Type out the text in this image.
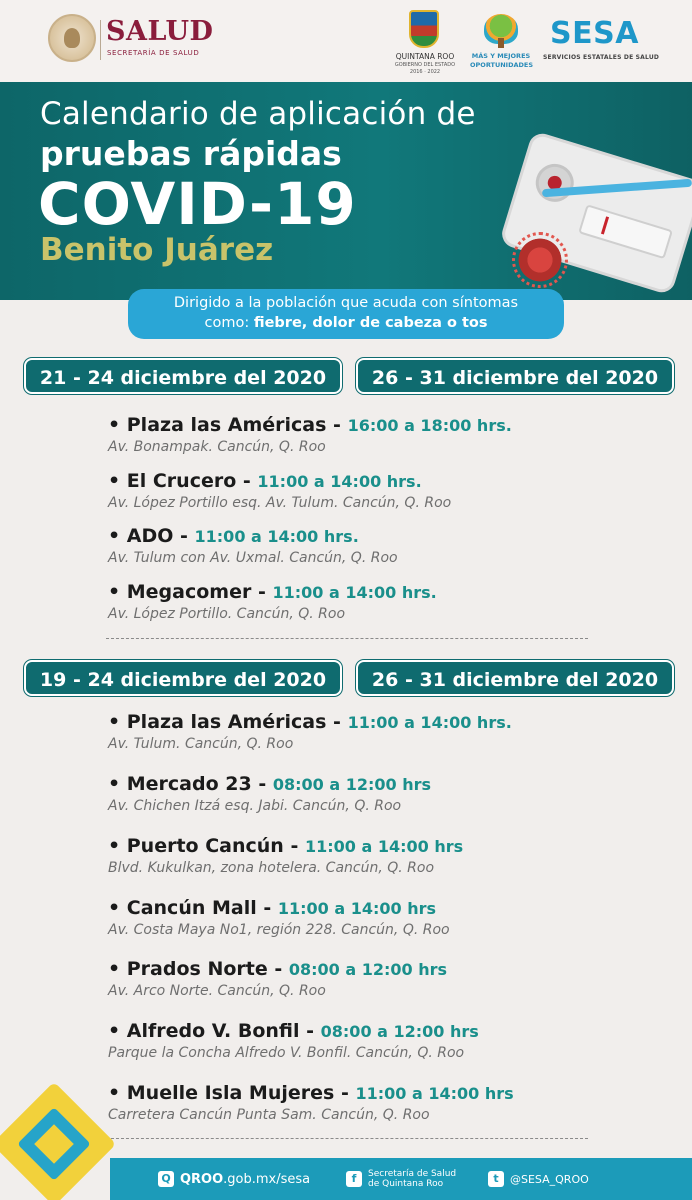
SALUD
SECRETARÍA DE SALUD	QUINTANA ROO
GOBIERNO DEL ESTADO
2016 · 2022
MÁS Y MEJORES
OPORTUNIDADES
SESA
SERVICIOS ESTATALES DE SALUD
Calendario de aplicación de
pruebas rápidas
COVID-19
Benito Juárez
Dirigido a la población que acuda con síntomas
como: fiebre, dolor de cabeza o tos
21 - 24 diciembre del 2020	26 - 31 diciembre del 2020
• Plaza las Américas - 16:00 a 18:00 hrs.
Av. Bonampak. Cancún, Q. Roo
• El Crucero - 11:00 a 14:00 hrs.
Av. López Portillo esq. Av. Tulum. Cancún, Q. Roo
• ADO - 11:00 a 14:00 hrs.
Av. Tulum con Av. Uxmal. Cancún, Q. Roo
• Megacomer - 11:00 a 14:00 hrs.
Av. López Portillo. Cancún, Q. Roo
19 - 24 diciembre del 2020	26 - 31 diciembre del 2020
• Plaza las Américas - 11:00 a 14:00 hrs.
Av. Tulum. Cancún, Q. Roo
• Mercado 23 - 08:00 a 12:00 hrs
Av. Chichen Itzá esq. Jabi. Cancún, Q. Roo
• Puerto Cancún - 11:00 a 14:00 hrs
Blvd. Kukulkan, zona hotelera. Cancún, Q. Roo
• Cancún Mall - 11:00 a 14:00 hrs
Av. Costa Maya No1, región 228. Cancún, Q. Roo
• Prados Norte - 08:00 a 12:00 hrs
Av. Arco Norte. Cancún, Q. Roo
• Alfredo V. Bonfil - 08:00 a 12:00 hrs
Parque la Concha Alfredo V. Bonfil. Cancún, Q. Roo
• Muelle Isla Mujeres - 11:00 a 14:00 hrs
Carretera Cancún Punta Sam. Cancún, Q. Roo
Q QROO.gob.mx/sesa	f	Secretaría de Salud
de Quintana Roo	t	@SESA_QROO
